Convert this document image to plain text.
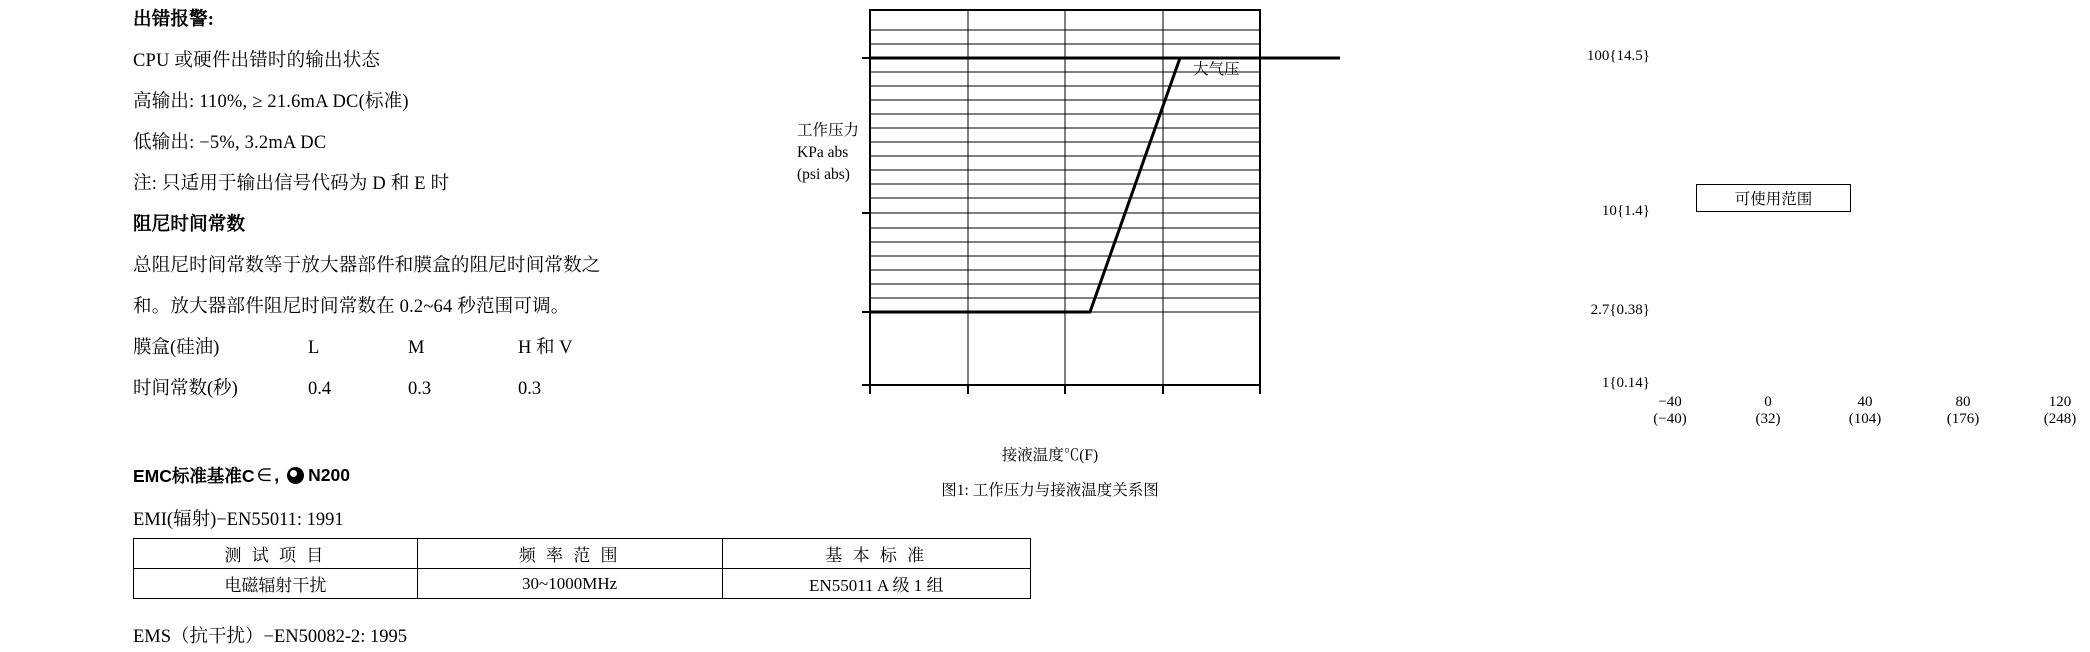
出错报警:
CPU 或硬件出错时的输出状态
高输出: 110%, ≥ 21.6mA DC(标准)
低输出: −5%, 3.2mA DC
注: 只适用于输出信号代码为 D 和 E 时
阻尼时间常数
总阻尼时间常数等于放大器部件和膜盒的阻尼时间常数之
和。放大器部件阻尼时间常数在 0.2~64 秒范围可调。
膜盒(硅油)	L	M	H 和 V
时间常数(秒)	0.4	0.3	0.3
EMC标准基准C ∈ , N200
EMI(辐射)−EN55011: 1991
测 试 项 目	频 率 范 围	基 本 标 准
电磁辐射干扰	30~1000MHz	EN55011 A 级 1 组
EMS（抗干扰）−EN50082-2: 1995
100{14.5}
10{1.4}
2.7{0.38}
1{0.14}
−40
(−40)
0
(32)
40
(104)
80
(176)
120
(248)
可使用范围
工作压力
KPa abs
(psi abs)
大气压
接液温度℃(F)
图1: 工作压力与接液温度关系图
